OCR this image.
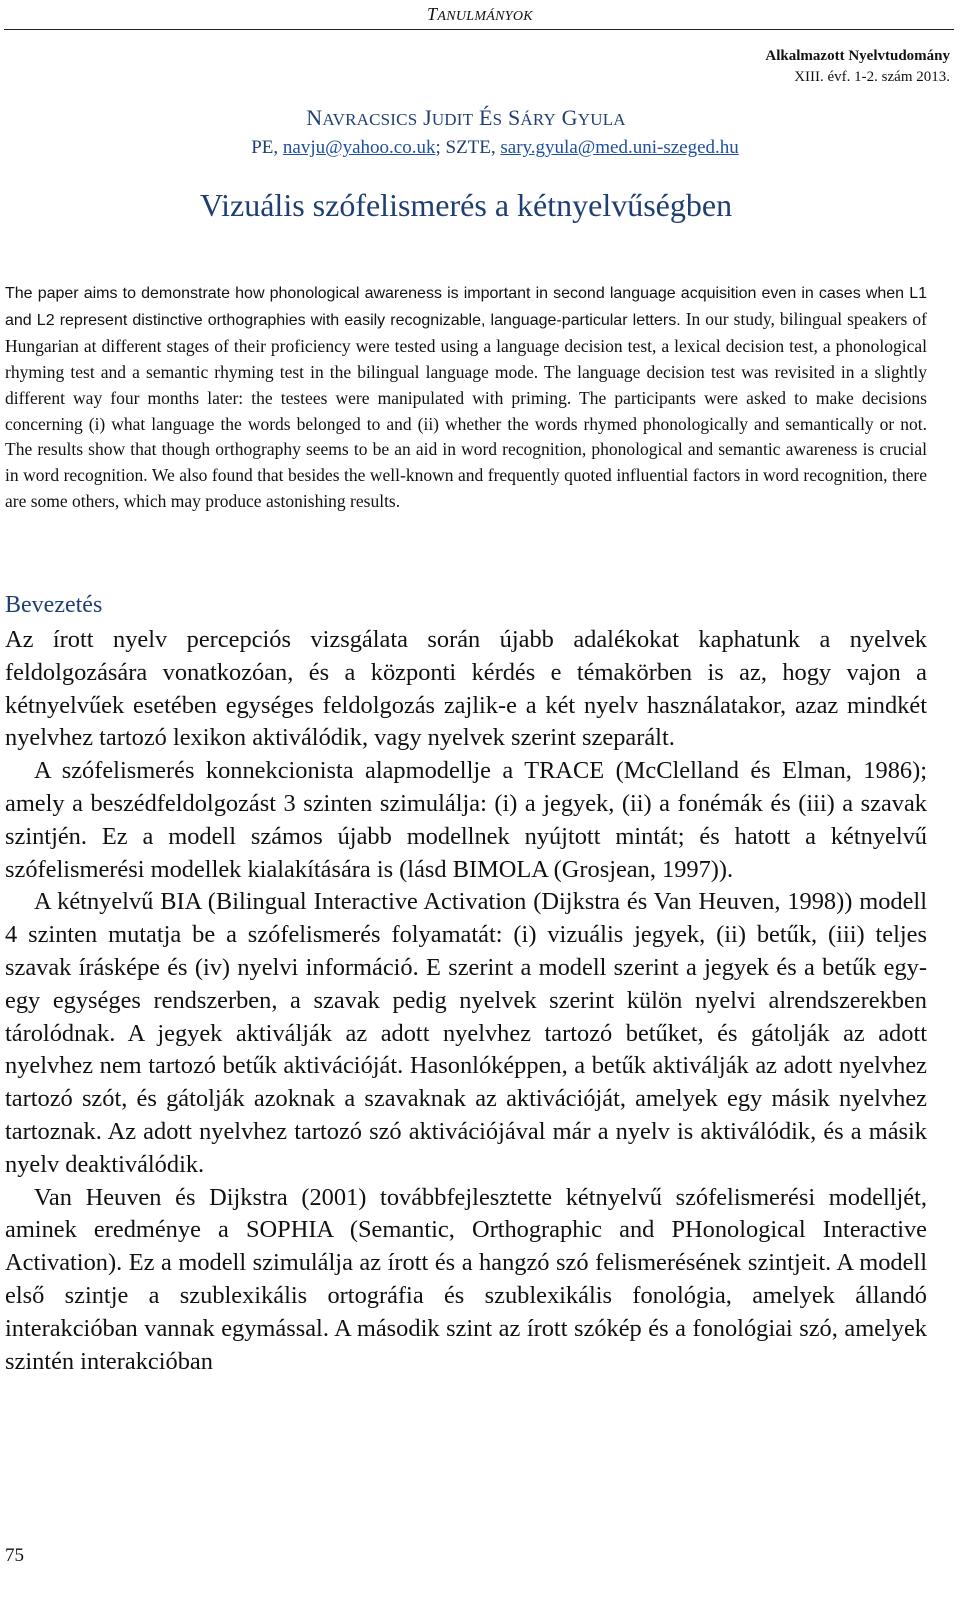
TANULMÁNYOK
Alkalmazott Nyelvtudomány
XIII. évf. 1-2. szám 2013.
NAVRACSICS JUDIT ÉS SÁRY GYULA
PE, navju@yahoo.co.uk; SZTE, sary.gyula@med.uni-szeged.hu
Vizuális szófelismerés a kétnyelvűségben
The paper aims to demonstrate how phonological awareness is important in second language acquisition even in cases when L1 and L2 represent distinctive orthographies with easily recognizable, language-particular letters. In our study, bilingual speakers of Hungarian at different stages of their proficiency were tested using a language decision test, a lexical decision test, a phonological rhyming test and a semantic rhyming test in the bilingual language mode. The language decision test was revisited in a slightly different way four months later: the testees were manipulated with priming. The participants were asked to make decisions concerning (i) what language the words belonged to and (ii) whether the words rhymed phonologically and semantically or not. The results show that though orthography seems to be an aid in word recognition, phonological and semantic awareness is crucial in word recognition. We also found that besides the well-known and frequently quoted influential factors in word recognition, there are some others, which may produce astonishing results.
Bevezetés

Az írott nyelv percepciós vizsgálata során újabb adalékokat kaphatunk a nyelvek feldolgozására vonatkozóan, és a központi kérdés e témakörben is az, hogy vajon a kétnyelvűek esetében egységes feldolgozás zajlik-e a két nyelv használatakor, azaz mindkét nyelvhez tartozó lexikon aktiválódik, vagy nyelvek szerint szeparált.

A szófelismerés konnekcionista alapmodellje a TRACE (McClelland és Elman, 1986); amely a beszédfeldolgozást 3 szinten szimulálja: (i) a jegyek, (ii) a fonémák és (iii) a szavak szintjén. Ez a modell számos újabb modellnek nyújtott mintát; és hatott a kétnyelvű szófelismerési modellek kialakítására is (lásd BIMOLA (Grosjean, 1997)).

A kétnyelvű BIA (Bilingual Interactive Activation (Dijkstra és Van Heuven, 1998)) modell 4 szinten mutatja be a szófelismerés folyamatát: (i) vizuális jegyek, (ii) betűk, (iii) teljes szavak írásképe és (iv) nyelvi információ. E szerint a modell szerint a jegyek és a betűk egy-egy egységes rendszerben, a szavak pedig nyelvek szerint külön nyelvi alrendszerekben tárolódnak. A jegyek aktiválják az adott nyelvhez tartozó betűket, és gátolják az adott nyelvhez nem tartozó betűk aktivációját. Hasonlóképpen, a betűk aktiválják az adott nyelvhez tartozó szót, és gátolják azoknak a szavaknak az aktivációját, amelyek egy másik nyelvhez tartoznak. Az adott nyelvhez tartozó szó aktivációjával már a nyelv is aktiválódik, és a másik nyelv deaktiválódik.

Van Heuven és Dijkstra (2001) továbbfejlesztette kétnyelvű szófelismerési modelljét, aminek eredménye a SOPHIA (Semantic, Orthographic and PHonological Interactive Activation). Ez a modell szimulálja az írott és a hangzó szó felismerésének szintjeit. A modell első szintje a szublexikális ortográfia és szublexikális fonológia, amelyek állandó interakcióban vannak egymással. A második szint az írott szókép és a fonológiai szó, amelyek szintén interakcióban

75
